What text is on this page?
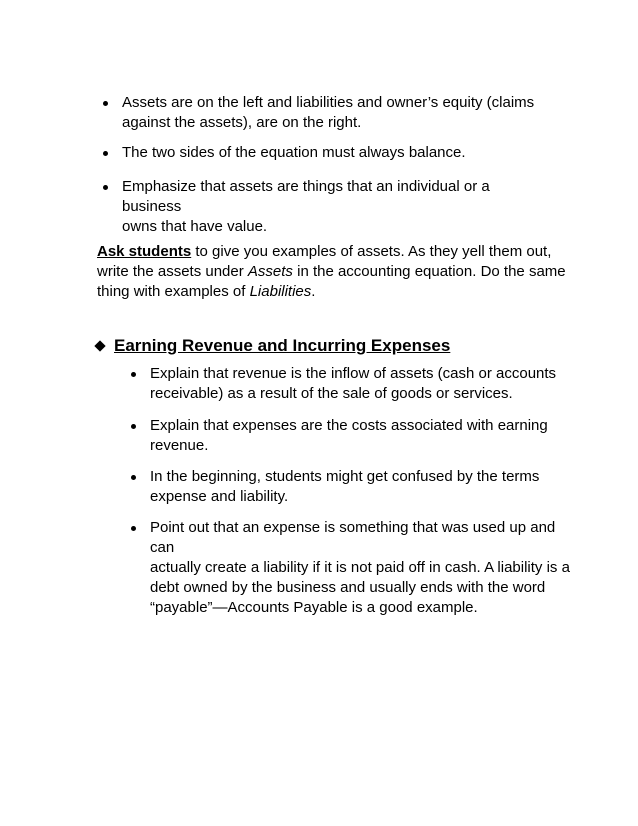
Assets are on the left and liabilities and owner’s equity (claims
against the assets), are on the right.
The two sides of the equation must always balance.
Emphasize that assets are things that an individual or a business
owns that have value.
Ask students to give you examples of assets. As they yell them out,
write the assets under Assets in the accounting equation. Do the same
thing with examples of Liabilities.
Earning Revenue and Incurring Expenses
Explain that revenue is the inflow of assets (cash or accounts
receivable) as a result of the sale of goods or services.
Explain that expenses are the costs associated with earning
revenue.
In the beginning, students might get confused by the terms
expense and liability.
Point out that an expense is something that was used up and can
actually create a liability if it is not paid off in cash. A liability is a
debt owned by the business and usually ends with the word
“payable”—Accounts Payable is a good example.
